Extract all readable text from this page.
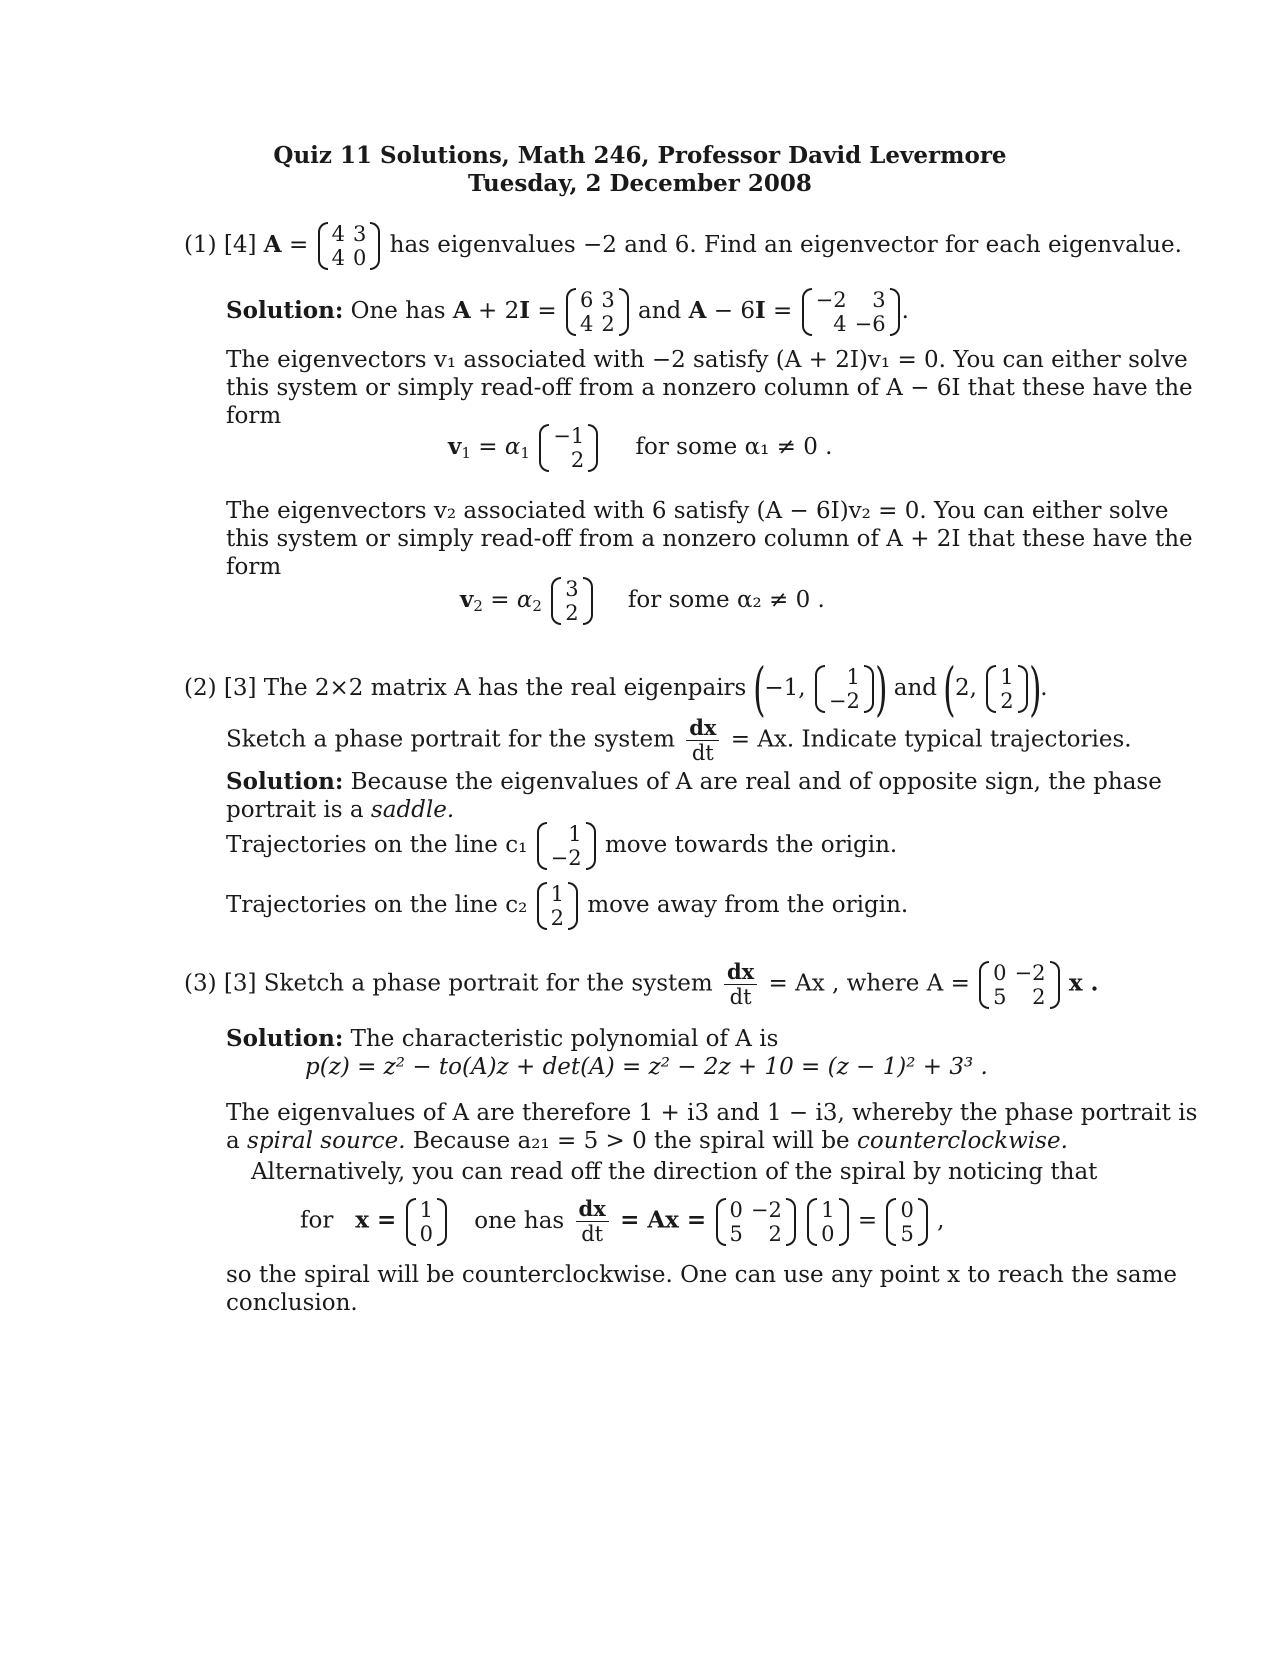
Quiz 11 Solutions, Math 246, Professor David Levermore
Tuesday, 2 December 2008
(1) [4] A = 4	3
4	0 has eigenvalues −2 and 6. Find an eigenvector for each eigenvalue.
Solution: One has A + 2I = 6	3
4	2 and A − 6I = −2	3
4	−6 .
The eigenvectors v₁ associated with −2 satisfy (A + 2I)v₁ = 0. You can either solve
this system or simply read-off from a nonzero column of A − 6I that these have the
form
$v_1 = \alpha_1$
−1
2 for some α₁ ≠ 0 .
The eigenvectors v₂ associated with 6 satisfy (A − 6I)v₂ = 0. You can either solve
this system or simply read-off from a nonzero column of A + 2I that these have the
form
$v_2 = \alpha_2$
3
2 for some α₂ ≠ 0 .
(2) [3] The 2×2 matrix A has the real eigenpairs (−1, 1
−2 ) and (2, 1
2 ).
Sketch a phase portrait for the system $\frac{dx}{dt} = Ax$. Indicate typical trajectories.
Solution: Because the eigenvalues of A are real and of opposite sign, the phase
portrait is a saddle.
Trajectories on the line c₁ 1
−2 move towards the origin.
Trajectories on the line c₂ 1
2 move away from the origin.
(3) [3] Sketch a phase portrait for the system $\frac{dx}{dt} = Ax$ , where A = 0	−2
5	2 x .
Solution: The characteristic polynomial of A is
p(z) = z² − to(A)z + det(A) = z² − 2z + 10 = (z − 1)² + 3³ .
The eigenvalues of A are therefore 1 + i3 and 1 − i3, whereby the phase portrait is
a spiral source. Because a₂₁ = 5 > 0 the spiral will be counterclockwise.
Alternatively, you can read off the direction of the spiral by noticing that
for x = 1
0 one has $\frac{dx}{dt} = Ax = 0$	−2
5	2

1
0 = 0
5 ,
so the spiral will be counterclockwise. One can use any point x to reach the same
conclusion.
